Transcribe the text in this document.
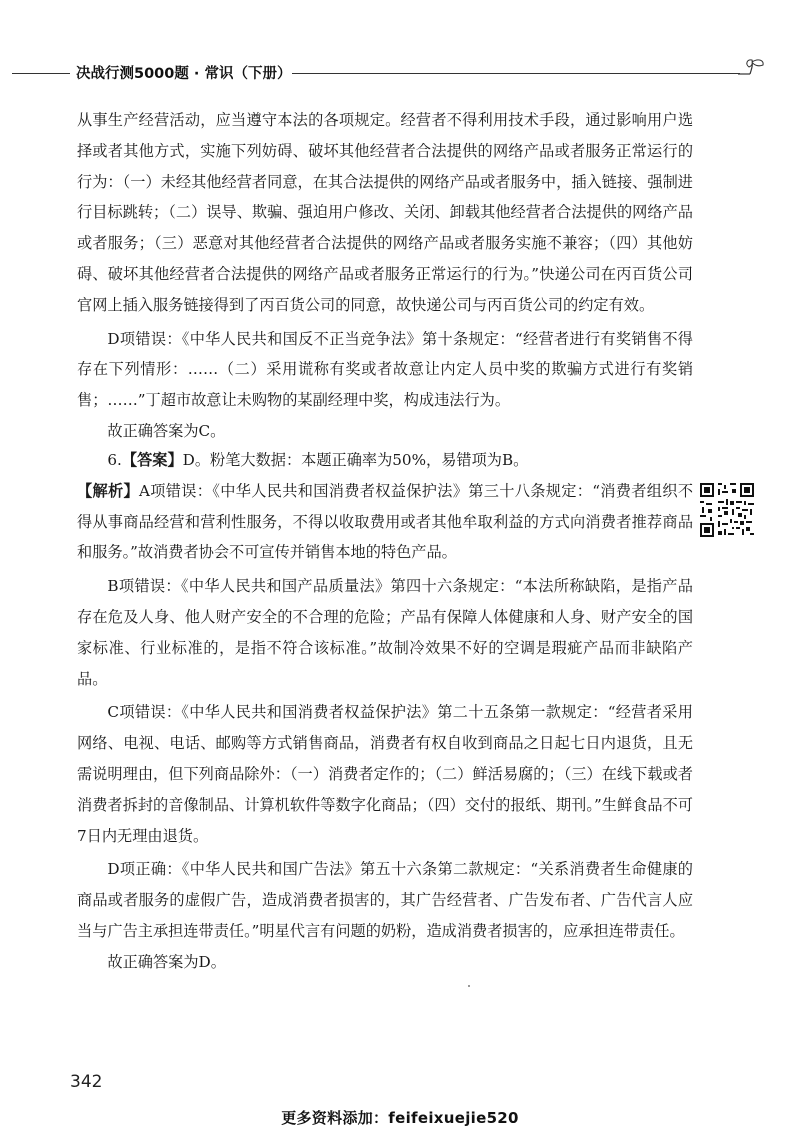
决战行测5000题 · 常识（下册）

从事生产经营活动，应当遵守本法的各项规定。经营者不得利用技术手段，通过影响用户选择或者其他方式，实施下列妨碍、破坏其他经营者合法提供的网络产品或者服务正常运行的行为：（一）未经其他经营者同意，在其合法提供的网络产品或者服务中，插入链接、强制进行目标跳转；（二）误导、欺骗、强迫用户修改、关闭、卸载其他经营者合法提供的网络产品或者服务；（三）恶意对其他经营者合法提供的网络产品或者服务实施不兼容；（四）其他妨碍、破坏其他经营者合法提供的网络产品或者服务正常运行的行为。”快递公司在丙百货公司官网上插入服务链接得到了丙百货公司的同意，故快递公司与丙百货公司的约定有效。

D项错误：《中华人民共和国反不正当竞争法》第十条规定：“经营者进行有奖销售不得存在下列情形：……（二）采用谎称有奖或者故意让内定人员中奖的欺骗方式进行有奖销售；……”丁超市故意让未购物的某副经理中奖，构成违法行为。

故正确答案为C。

6.【答案】D。粉笔大数据：本题正确率为50%，易错项为B。

【解析】A项错误：《中华人民共和国消费者权益保护法》第三十八条规定：“消费者组织不得从事商品经营和营利性服务，不得以收取费用或者其他牟取利益的方式向消费者推荐商品和服务。”故消费者协会不可宣传并销售本地的特色产品。

B项错误：《中华人民共和国产品质量法》第四十六条规定：“本法所称缺陷，是指产品存在危及人身、他人财产安全的不合理的危险；产品有保障人体健康和人身、财产安全的国家标准、行业标准的，是指不符合该标准。”故制冷效果不好的空调是瑕疵产品而非缺陷产品。

C项错误：《中华人民共和国消费者权益保护法》第二十五条第一款规定：“经营者采用网络、电视、电话、邮购等方式销售商品，消费者有权自收到商品之日起七日内退货，且无需说明理由，但下列商品除外：（一）消费者定作的；（二）鲜活易腐的；（三）在线下载或者消费者拆封的音像制品、计算机软件等数字化商品；（四）交付的报纸、期刊。”生鲜食品不可7日内无理由退货。

D项正确：《中华人民共和国广告法》第五十六条第二款规定：“关系消费者生命健康的商品或者服务的虚假广告，造成消费者损害的，其广告经营者、广告发布者、广告代言人应当与广告主承担连带责任。”明星代言有问题的奶粉，造成消费者损害的，应承担连带责任。

故正确答案为D。

342
更多资料添加：feifeixuejie520
